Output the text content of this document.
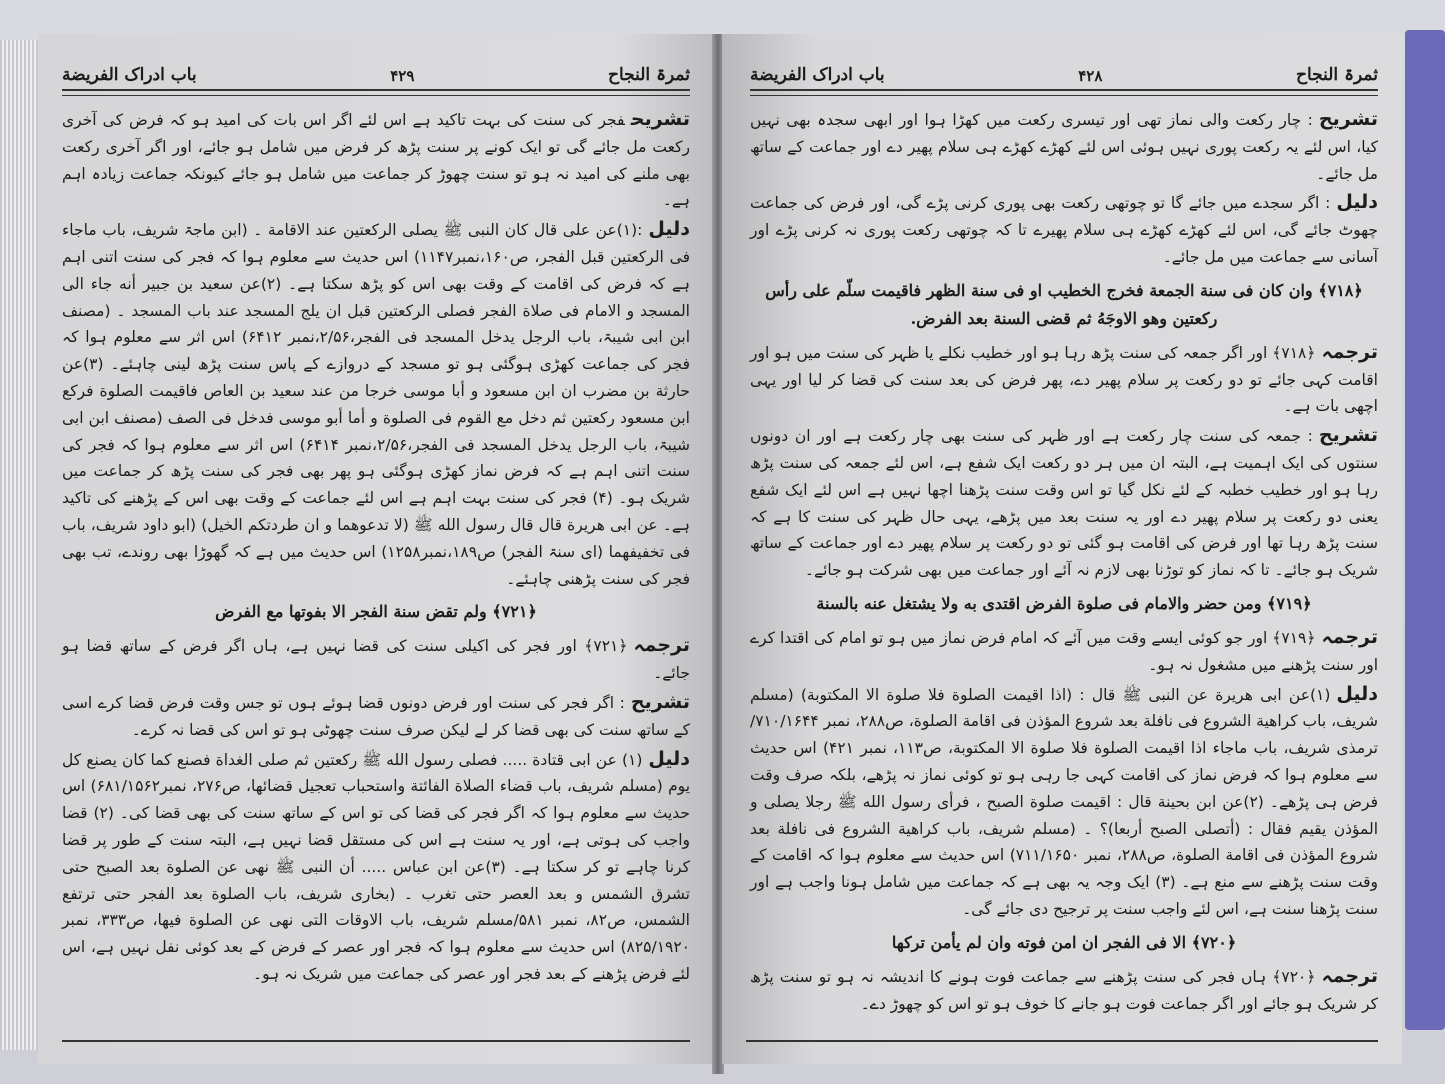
باب ادراک الفریضة	۴۲۹	ثمرۃ النجاح

تشریحفجر کی سنت کی بہت تاکید ہے اس لئے اگر اس بات کی امید ہو کہ فرض کی آخری رکعت مل جائے گی تو ایک کونے پر سنت پڑھ کر فرض میں شامل ہو جائے، اور اگر آخری رکعت بھی ملنے کی امید نہ ہو تو سنت چھوڑ کر جماعت میں شامل ہو جائے کیونکہ جماعت زیادہ اہم ہے۔

دلیل:(۱)عن علی قال کان النبی ﷺ یصلی الرکعتین عند الاقامة ۔ (ابن ماجۃ شریف، باب ماجاء فی الرکعتین قبل الفجر، ص۱۶۰،نمبر۱۱۴۷) اس حدیث سے معلوم ہوا کہ فجر کی سنت اتنی اہم ہے کہ فرض کی اقامت کے وقت بھی اس کو پڑھ سکتا ہے۔ (۲)عن سعید بن جبیر أنه جاء الی المسجد و الامام فی صلاة الفجر فصلی الرکعتین قبل ان یلج المسجد عند باب المسجد ۔ (مصنف ابن ابی شیبۃ، باب الرجل یدخل المسجد فی الفجر،۲/۵۶،نمبر ۶۴۱۲) اس اثر سے معلوم ہوا کہ فجر کی جماعت کھڑی ہوگئی ہو تو مسجد کے دروازے کے پاس سنت پڑھ لینی چاہئے۔ (۳)عن حارثة بن مضرب ان ابن مسعود و أبا موسی خرجا من عند سعید بن العاص فاقیمت الصلوة فرکع ابن مسعود رکعتین ثم دخل مع القوم فی الصلوة و أما أبو موسی فدخل فی الصف (مصنف ابن ابی شیبۃ، باب الرجل یدخل المسجد فی الفجر،۲/۵۶،نمبر ۶۴۱۴) اس اثر سے معلوم ہوا کہ فجر کی سنت اتنی اہم ہے کہ فرض نماز کھڑی ہوگئی ہو پھر بھی فجر کی سنت پڑھ کر جماعت میں شریک ہو۔ (۴) فجر کی سنت بہت اہم ہے اس لئے جماعت کے وقت بھی اس کے پڑھنے کی تاکید ہے۔ عن ابی هريرة قال قال رسول الله ﷺ (لا تدعوهما و ان طردتكم الخيل) (ابو داود شریف، باب فی تخفیفهما (ای سنۃ الفجر) ص۱۸۹،نمبر۱۲۵۸) اس حدیث میں ہے کہ گھوڑا بھی روندے، تب بھی فجر کی سنت پڑھنی چاہئے۔

﴿۷۲۱﴾ ولم تقض سنة الفجر الا بفوتها مع الفرض

ترجمہ﴿۷۲۱﴾ اور فجر کی اکیلی سنت کی قضا نہیں ہے، ہاں اگر فرض کے ساتھ قضا ہو جائے۔

تشریح: اگر فجر کی سنت اور فرض دونوں قضا ہوئے ہوں تو جس وقت فرض قضا کرے اسی کے ساتھ سنت کی بھی قضا کر لے لیکن صرف سنت چھوٹی ہو تو اس کی قضا نہ کرے۔

دلیل(۱) عن ابی قتادة ..... فصلی رسول الله ﷺ رکعتین ثم صلی الغداة فصنع کما کان یصنع کل یوم (مسلم شریف، باب قضاء الصلاة الفائتة واستحباب تعجیل قضائها، ص۲۷۶، نمبر۶۸۱/۱۵۶۲) اس حدیث سے معلوم ہوا کہ اگر فجر کی قضا کی تو اس کے ساتھ سنت کی بھی قضا کی۔ (۲) قضا واجب کی ہوتی ہے، اور یہ سنت ہے اس کی مستقل قضا نہیں ہے، البتہ سنت کے طور پر قضا کرنا چاہے تو کر سکتا ہے۔ (۳)عن ابن عباس ..... أن النبی ﷺ نهی عن الصلوة بعد الصبح حتی تشرق الشمس و بعد العصر حتی تغرب ۔ (بخاری شریف، باب الصلوة بعد الفجر حتی ترتفع الشمس، ص۸۲، نمبر ۵۸۱/مسلم شریف، باب الاوقات التی نهی عن الصلوة فیها، ص۳۳۳، نمبر ۸۲۵/۱۹۲۰) اس حدیث سے معلوم ہوا کہ فجر اور عصر کے فرض کے بعد کوئی نفل نہیں ہے، اس لئے فرض پڑھنے کے بعد فجر اور عصر کی جماعت میں شریک نہ ہو۔

باب ادراک الفریضة	۴۲۸	ثمرۃ النجاح

تشریح: چار رکعت والی نماز تھی اور تیسری رکعت میں کھڑا ہوا اور ابھی سجدہ بھی نہیں کیا، اس لئے یہ رکعت پوری نہیں ہوئی اس لئے کھڑے کھڑے ہی سلام پھیر دے اور جماعت کے ساتھ مل جائے۔

دلیل: اگر سجدے میں جائے گا تو چوتھی رکعت بھی پوری کرنی پڑے گی، اور فرض کی جماعت چھوٹ جائے گی، اس لئے کھڑے کھڑے ہی سلام پھیرے تا کہ چوتھی رکعت پوری نہ کرنی پڑے اور آسانی سے جماعت میں مل جائے۔

﴿۷۱۸﴾ وان کان فی سنة الجمعة فخرج الخطيب او فی سنة الظهر فاقيمت سلّم علی رأس رکعتين وهو الاوجَهُ ثم قضی السنة بعد الفرض.

ترجمہ﴿۷۱۸﴾ اور اگر جمعہ کی سنت پڑھ رہا ہو اور خطیب نکلے یا ظہر کی سنت میں ہو اور اقامت کہی جائے تو دو رکعت پر سلام پھیر دے، پھر فرض کی بعد سنت کی قضا کر لیا اور یہی اچھی بات ہے۔

تشریح: جمعہ کی سنت چار رکعت ہے اور ظہر کی سنت بھی چار رکعت ہے اور ان دونوں سنتوں کی ایک اہمیت ہے، البتہ ان میں ہر دو رکعت ایک شفع ہے، اس لئے جمعہ کی سنت پڑھ رہا ہو اور خطیب خطبہ کے لئے نکل گیا تو اس وقت سنت پڑھنا اچھا نہیں ہے اس لئے ایک شفع یعنی دو رکعت پر سلام پھیر دے اور یہ سنت بعد میں پڑھے، یہی حال ظہر کی سنت کا ہے کہ سنت پڑھ رہا تھا اور فرض کی اقامت ہو گئی تو دو رکعت پر سلام پھیر دے اور جماعت کے ساتھ شریک ہو جائے۔ تا کہ نماز کو توڑنا بھی لازم نہ آئے اور جماعت میں بھی شرکت ہو جائے۔

﴿۷۱۹﴾ ومن حضر والامام فی صلوة الفرض اقتدى به ولا يشتغل عنه بالسنة

ترجمہ﴿۷۱۹﴾ اور جو کوئی ایسے وقت میں آئے کہ امام فرض نماز میں ہو تو امام کی اقتدا کرے اور سنت پڑھنے میں مشغول نہ ہو۔

دلیل(۱)عن ابی هريرة عن النبی ﷺ قال : (اذا اقیمت الصلوة فلا صلوة الا المکتوبة) (مسلم شریف، باب کراهية الشروع فی نافلة بعد شروع المؤذن فی اقامة الصلوة، ص۲۸۸، نمبر ۷۱۰/۱۶۴۴/ ترمذی شریف، باب ماجاء اذا اقیمت الصلوة فلا صلوة الا المکتوبة، ص۱۱۳، نمبر ۴۲۱) اس حدیث سے معلوم ہوا کہ فرض نماز کی اقامت کہی جا رہی ہو تو کوئی نماز نہ پڑھے، بلکہ صرف وقت فرض ہی پڑھے۔ (۲)عن ابن بحينة قال : اقيمت صلوة الصبح ، فرأى رسول الله ﷺ رجلا يصلى و المؤذن يقيم فقال : (أتصلی الصبح أربعا)؟ ۔ (مسلم شریف، باب کراهية الشروع فی نافلة بعد شروع المؤذن فی اقامة الصلوة، ص۲۸۸، نمبر ۷۱۱/۱۶۵۰) اس حدیث سے معلوم ہوا کہ اقامت کے وقت سنت پڑھنے سے منع ہے۔ (۳) ایک وجہ یہ بھی ہے کہ جماعت میں شامل ہونا واجب ہے اور سنت پڑھنا سنت ہے، اس لئے واجب سنت پر ترجیح دی جائے گی۔

﴿۷۲۰﴾ الا فی الفجر ان امن فوته وان لم يأمن ترکها

ترجمہ﴿۷۲۰﴾ ہاں فجر کی سنت پڑھنے سے جماعت فوت ہونے کا اندیشہ نہ ہو تو سنت پڑھ کر شریک ہو جائے اور اگر جماعت فوت ہو جانے کا خوف ہو تو اس کو چھوڑ دے۔
